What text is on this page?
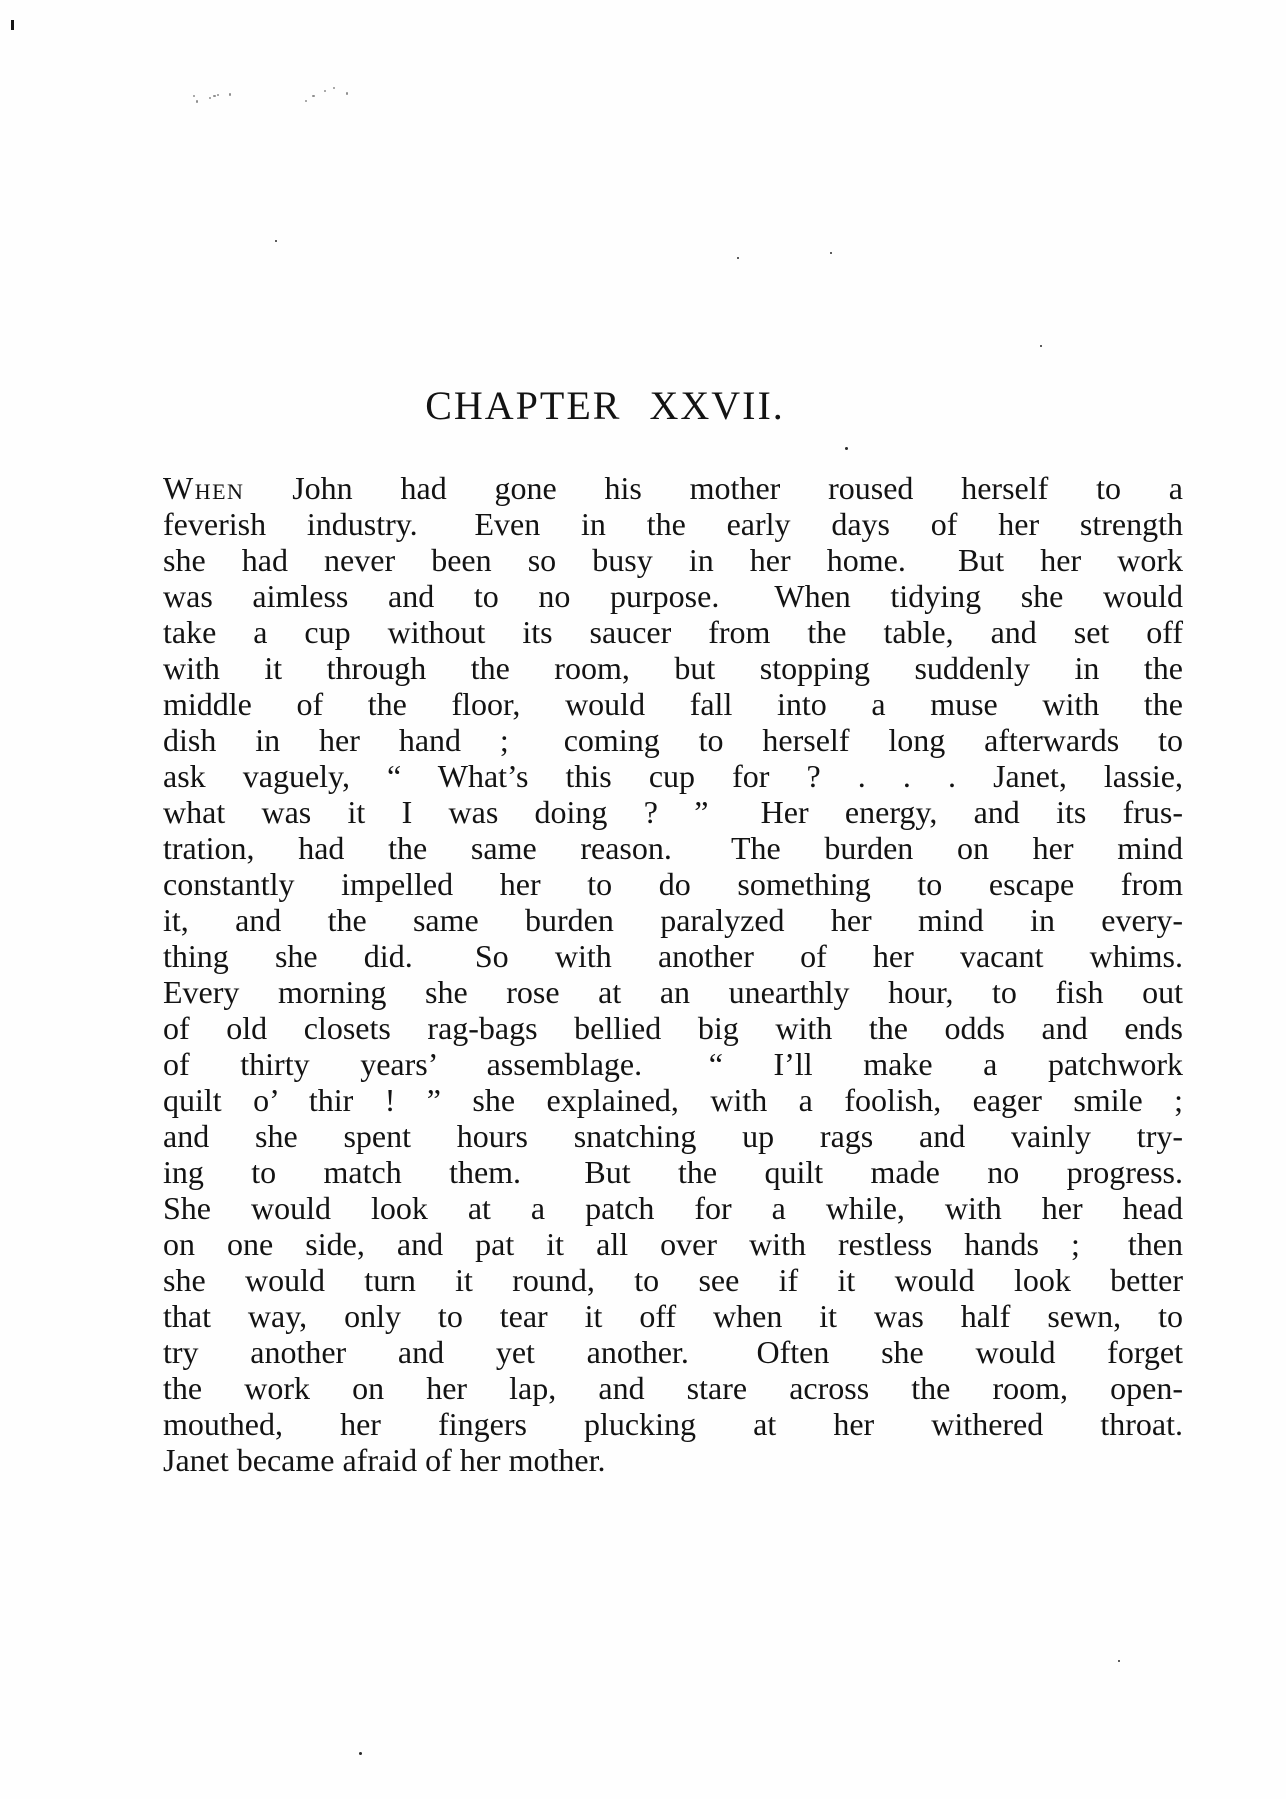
CHAPTER XXVII.
When John had gone his mother roused herself to a
feverish industry.  Even in the early days of her strength
she had never been so busy in her home.  But her work
was aimless and to no purpose.  When tidying she would
take a cup without its saucer from the table, and set off
with it through the room, but stopping suddenly in the
middle of the floor, would fall into a muse with the
dish in her hand ;  coming to herself long afterwards to
ask vaguely, “ What’s this cup for ? . . . Janet, lassie,
what was it I was doing ? ”  Her energy, and its frus-
tration, had the same reason.  The burden on her mind
constantly impelled her to do something to escape from
it, and the same burden paralyzed her mind in every-
thing she did.  So with another of her vacant whims.
Every morning she rose at an unearthly hour, to fish out
of old closets rag-bags bellied big with the odds and ends
of thirty years’ assemblage.  “ I’ll make a patchwork
quilt o’ thir ! ” she explained, with a foolish, eager smile ;
and she spent hours snatching up rags and vainly try-
ing to match them.  But the quilt made no progress.
She would look at a patch for a while, with her head
on one side, and pat it all over with restless hands ;  then
she would turn it round, to see if it would look better
that way, only to tear it off when it was half sewn, to
try another and yet another.  Often she would forget
the work on her lap, and stare across the room, open-
mouthed, her fingers plucking at her withered throat.
Janet became afraid of her mother.
